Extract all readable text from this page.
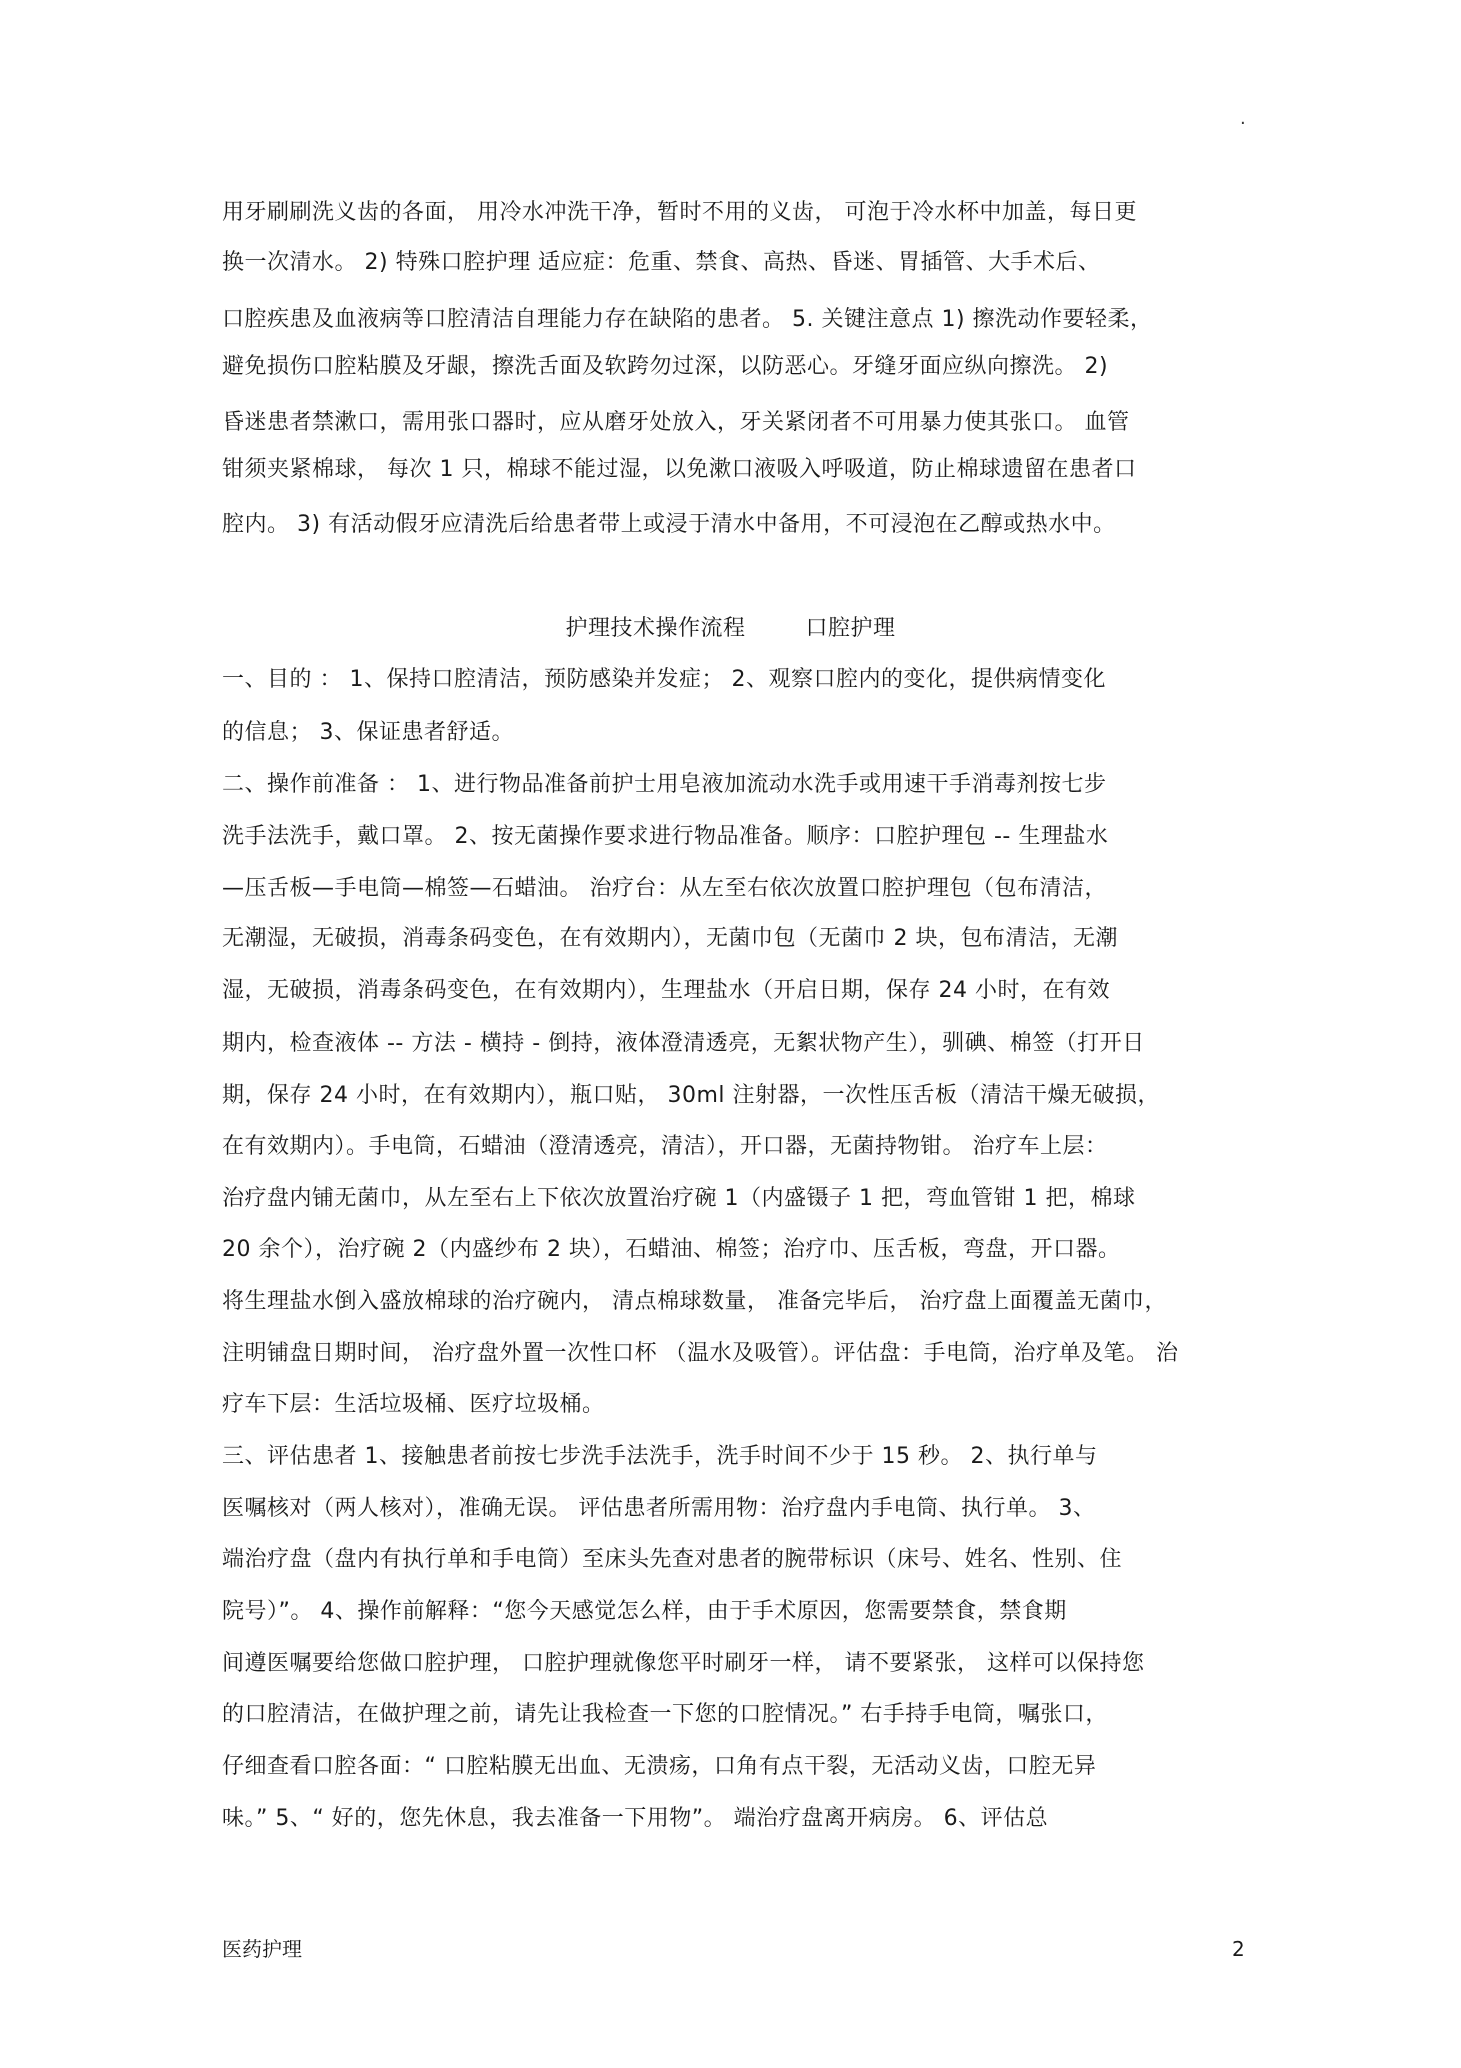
.
用牙刷刷洗义齿的各面， 用冷水冲洗干净，暂时不用的义齿， 可泡于冷水杯中加盖，每日更
换一次清水。 2) 特殊口腔护理 适应症：危重、禁食、高热、昏迷、胃插管、大手术后、
口腔疾患及血液病等口腔清洁自理能力存在缺陷的患者。 5. 关键注意点 1) 擦洗动作要轻柔，
避免损伤口腔粘膜及牙龈，擦洗舌面及软跨勿过深，以防恶心。牙缝牙面应纵向擦洗。 2)
昏迷患者禁漱口，需用张口器时，应从磨牙处放入，牙关紧闭者不可用暴力使其张口。 血管
钳须夹紧棉球， 每次 1 只，棉球不能过湿，以免漱口液吸入呼吸道，防止棉球遗留在患者口
腔内。 3) 有活动假牙应清洗后给患者带上或浸于清水中备用，不可浸泡在乙醇或热水中。
护理技术操作流程        口腔护理
一、目的 ： 1、保持口腔清洁，预防感染并发症； 2、观察口腔内的变化，提供病情变化
的信息； 3、保证患者舒适。
二、操作前准备 ： 1、进行物品准备前护士用皂液加流动水洗手或用速干手消毒剂按七步
洗手法洗手，戴口罩。 2、按无菌操作要求进行物品准备。顺序：口腔护理包 -- 生理盐水
—压舌板—手电筒—棉签—石蜡油。 治疗台：从左至右依次放置口腔护理包（包布清洁，
无潮湿，无破损，消毒条码变色，在有效期内），无菌巾包（无菌巾 2 块，包布清洁，无潮
湿，无破损，消毒条码变色，在有效期内），生理盐水（开启日期，保存 24 小时，在有效
期内，检查液体 -- 方法 - 横持 - 倒持，液体澄清透亮，无絮状物产生），驯碘、棉签（打开日
期，保存 24 小时，在有效期内），瓶口贴， 30ml 注射器，一次性压舌板（清洁干燥无破损，
在有效期内）。手电筒，石蜡油（澄清透亮，清洁），开口器，无菌持物钳。 治疗车上层：
治疗盘内铺无菌巾，从左至右上下依次放置治疗碗 1（内盛镊子 1 把，弯血管钳 1 把，棉球
20 余个），治疗碗 2（内盛纱布 2 块），石蜡油、棉签；治疗巾、压舌板，弯盘，开口器。
将生理盐水倒入盛放棉球的治疗碗内， 清点棉球数量， 准备完毕后， 治疗盘上面覆盖无菌巾，
注明铺盘日期时间， 治疗盘外置一次性口杯 （温水及吸管）。评估盘：手电筒，治疗单及笔。 治
疗车下层：生活垃圾桶、医疗垃圾桶。
三、评估患者 1、接触患者前按七步洗手法洗手，洗手时间不少于 15 秒。 2、执行单与
医嘱核对（两人核对），准确无误。 评估患者所需用物：治疗盘内手电筒、执行单。 3、
端治疗盘（盘内有执行单和手电筒）至床头先查对患者的腕带标识（床号、姓名、性别、住
院号）”。 4、操作前解释：“您今天感觉怎么样，由于手术原因，您需要禁食，禁食期
间遵医嘱要给您做口腔护理， 口腔护理就像您平时刷牙一样， 请不要紧张， 这样可以保持您
的口腔清洁，在做护理之前，请先让我检查一下您的口腔情况。” 右手持手电筒，嘱张口，
仔细查看口腔各面：“ 口腔粘膜无出血、无溃疡，口角有点干裂，无活动义齿，口腔无异
味。” 5、“ 好的，您先休息，我去准备一下用物”。 端治疗盘离开病房。 6、评估总
医药护理	2
